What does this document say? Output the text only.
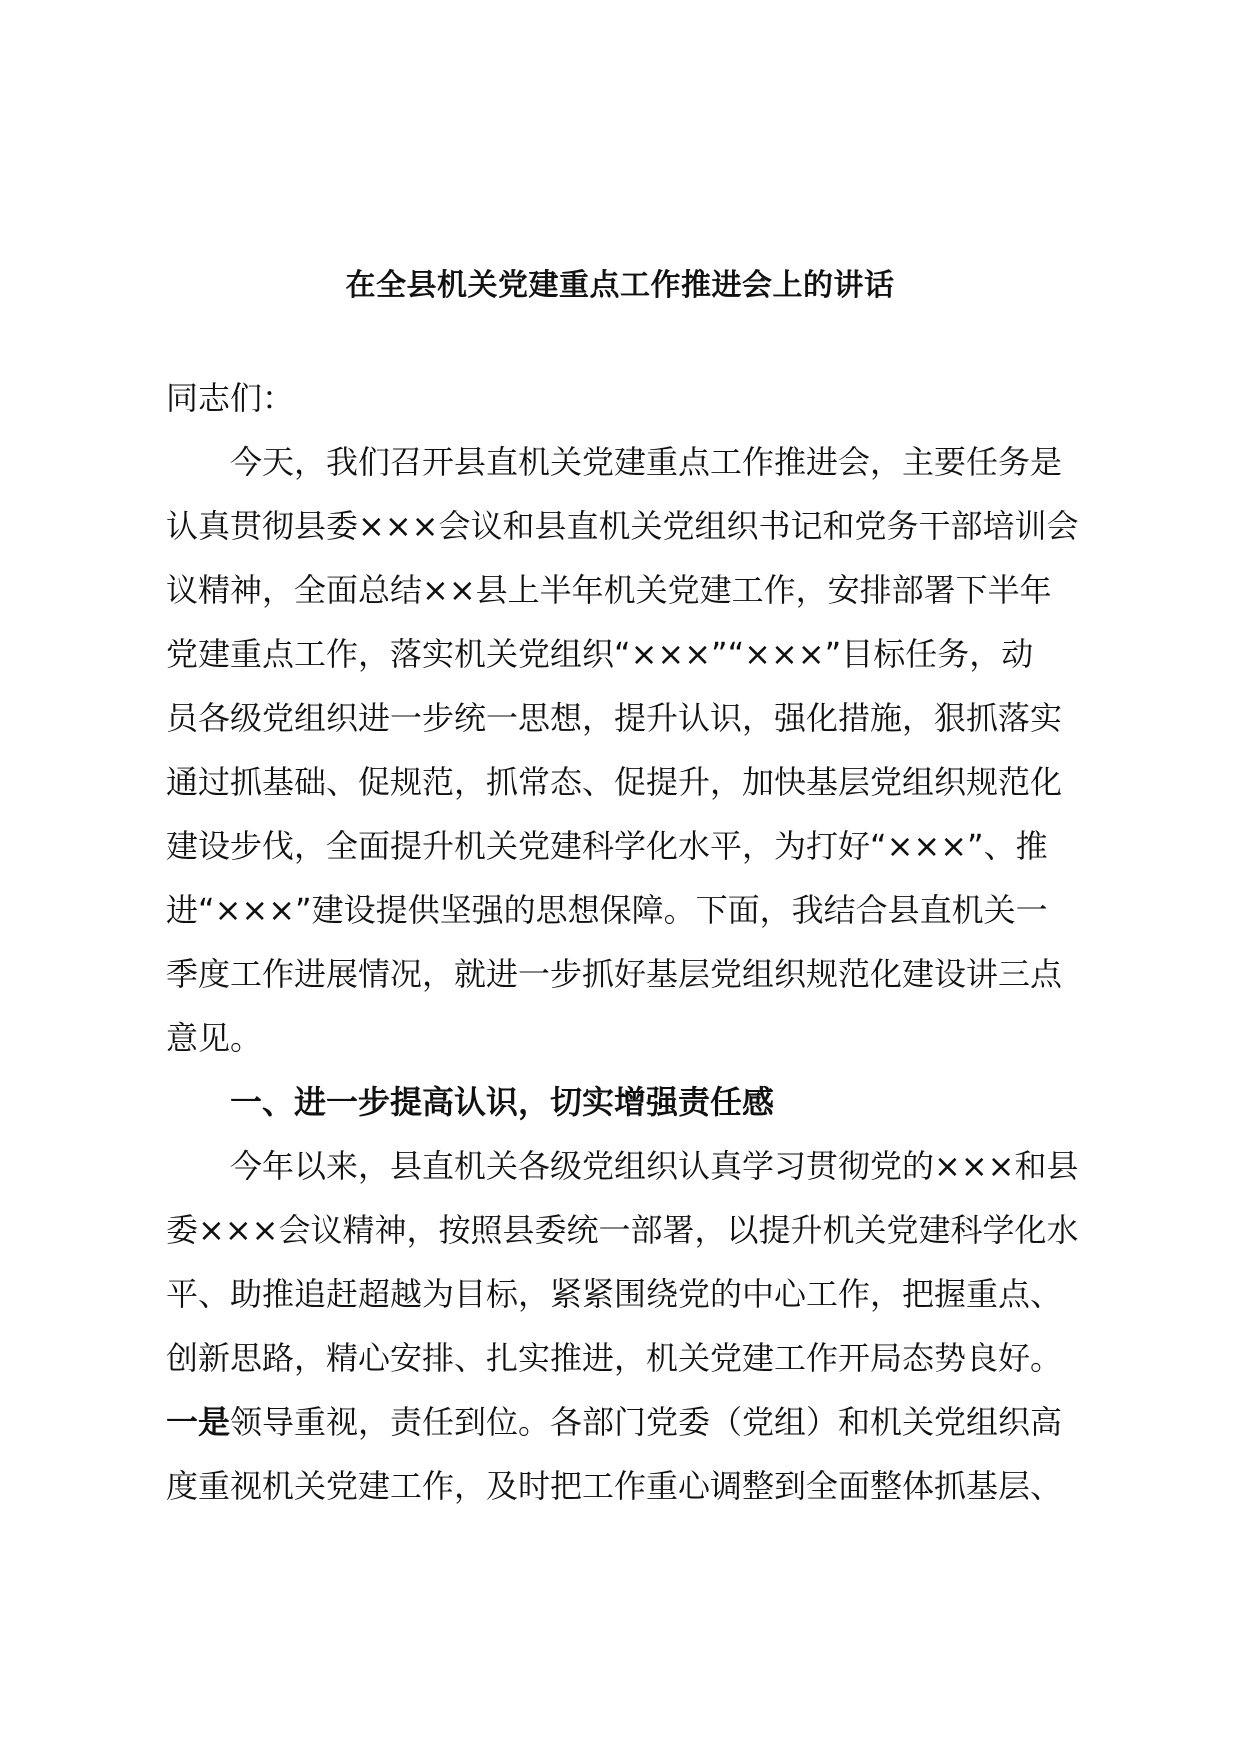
在全县机关党建重点工作推进会上的讲话
同志们：
今天，我们召开县直机关党建重点工作推进会，主要任务是
认真贯彻县委×××会议和县直机关党组织书记和党务干部培训会
议精神，全面总结××县上半年机关党建工作，安排部署下半年
党建重点工作，落实机关党组织“×××”“×××”目标任务，动
员各级党组织进一步统一思想，提升认识，强化措施，狠抓落实
通过抓基础、促规范，抓常态、促提升，加快基层党组织规范化
建设步伐，全面提升机关党建科学化水平，为打好“×××”、推
进“×××”建设提供坚强的思想保障。下面，我结合县直机关一
季度工作进展情况，就进一步抓好基层党组织规范化建设讲三点
意见。
一、进一步提高认识，切实增强责任感
今年以来，县直机关各级党组织认真学习贯彻党的×××和县
委×××会议精神，按照县委统一部署，以提升机关党建科学化水
平、助推追赶超越为目标，紧紧围绕党的中心工作，把握重点、
创新思路，精心安排、扎实推进，机关党建工作开局态势良好。
一是领导重视，责任到位。各部门党委（党组）和机关党组织高
度重视机关党建工作，及时把工作重心调整到全面整体抓基层、
